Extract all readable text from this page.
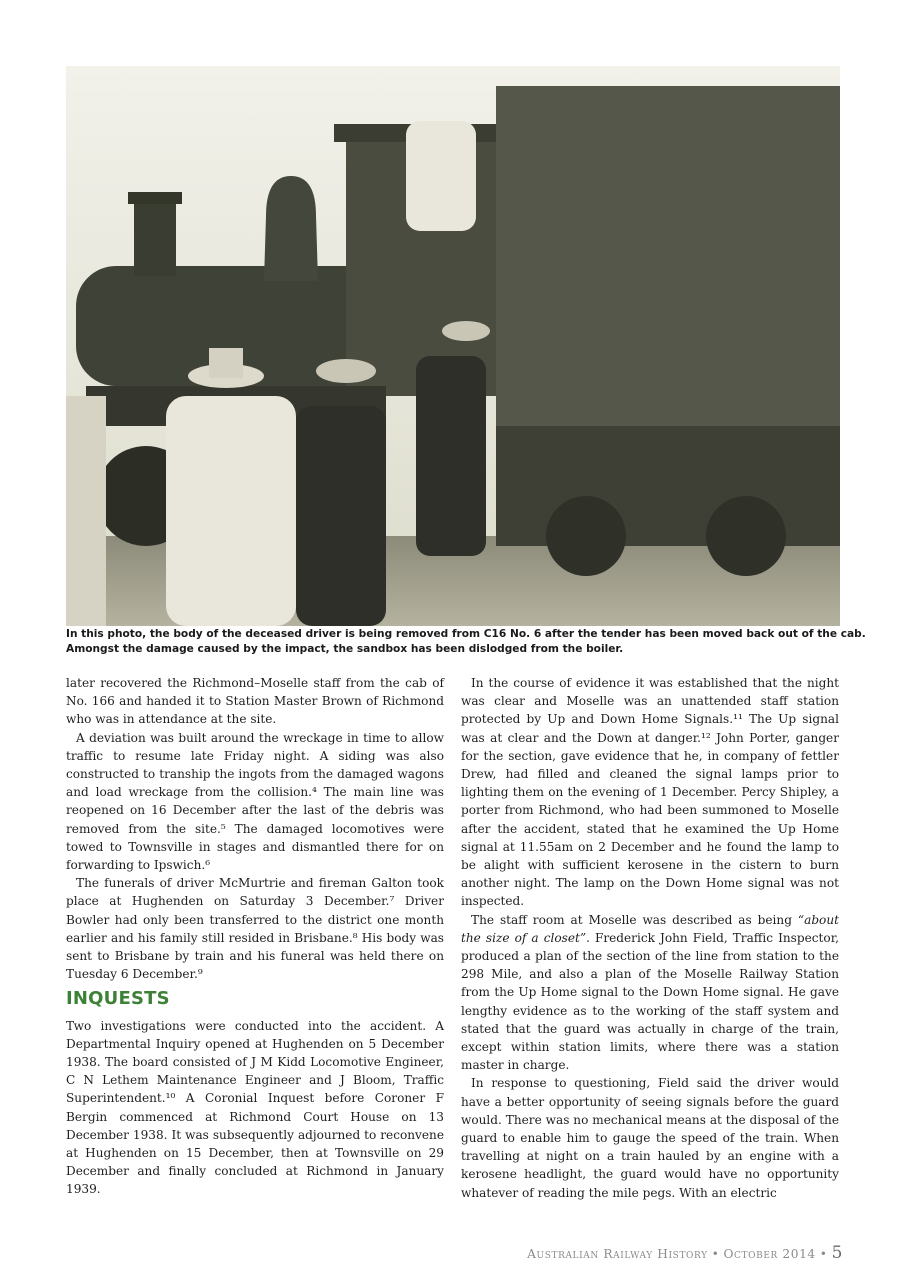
In this photo, the body of the deceased driver is being removed from C16 No. 6 after the tender has been moved back out of the cab.
Amongst the damage caused by the impact, the sandbox has been dislodged from the boiler.

later recovered the Richmond–Moselle staff from the cab of No. 166 and handed it to Station Master Brown of Richmond who was in attendance at the site.

A deviation was built around the wreckage in time to allow traffic to resume late Friday night. A siding was also constructed to tranship the ingots from the damaged wagons and load wreckage from the collision.⁴ The main line was reopened on 16 December after the last of the debris was removed from the site.⁵ The damaged locomotives were towed to Townsville in stages and dismantled there for on forwarding to Ipswich.⁶

The funerals of driver McMurtrie and fireman Galton took place at Hughenden on Saturday 3 December.⁷ Driver Bowler had only been transferred to the district one month earlier and his family still resided in Brisbane.⁸ His body was sent to Brisbane by train and his funeral was held there on Tuesday 6 December.⁹

INQUESTS

Two investigations were conducted into the accident. A Departmental Inquiry opened at Hughenden on 5 December 1938. The board consisted of J M Kidd Locomotive Engineer, C N Lethem Maintenance Engineer and J Bloom, Traffic Superintendent.¹⁰ A Coronial Inquest before Coroner F Bergin commenced at Richmond Court House on 13 December 1938. It was subsequently adjourned to reconvene at Hughenden on 15 December, then at Townsville on 29 December and finally concluded at Richmond in January 1939.

In the course of evidence it was established that the night was clear and Moselle was an unattended staff station protected by Up and Down Home Signals.¹¹ The Up signal was at clear and the Down at danger.¹² John Porter, ganger for the section, gave evidence that he, in company of fettler Drew, had filled and cleaned the signal lamps prior to lighting them on the evening of 1 December. Percy Shipley, a porter from Richmond, who had been summoned to Moselle after the accident, stated that he examined the Up Home signal at 11.55am on 2 December and he found the lamp to be alight with sufficient kerosene in the cistern to burn another night. The lamp on the Down Home signal was not inspected.

The staff room at Moselle was described as being “about the size of a closet”. Frederick John Field, Traffic Inspector, produced a plan of the section of the line from station to the 298 Mile, and also a plan of the Moselle Railway Station from the Up Home signal to the Down Home signal. He gave lengthy evidence as to the working of the staff system and stated that the guard was actually in charge of the train, except within station limits, where there was a station master in charge.

In response to questioning, Field said the driver would have a better opportunity of seeing signals before the guard would. There was no mechanical means at the disposal of the guard to enable him to gauge the speed of the train. When travelling at night on a train hauled by an engine with a kerosene headlight, the guard would have no opportunity whatever of reading the mile pegs. With an electric

Australian Railway History • October 2014 • 5
